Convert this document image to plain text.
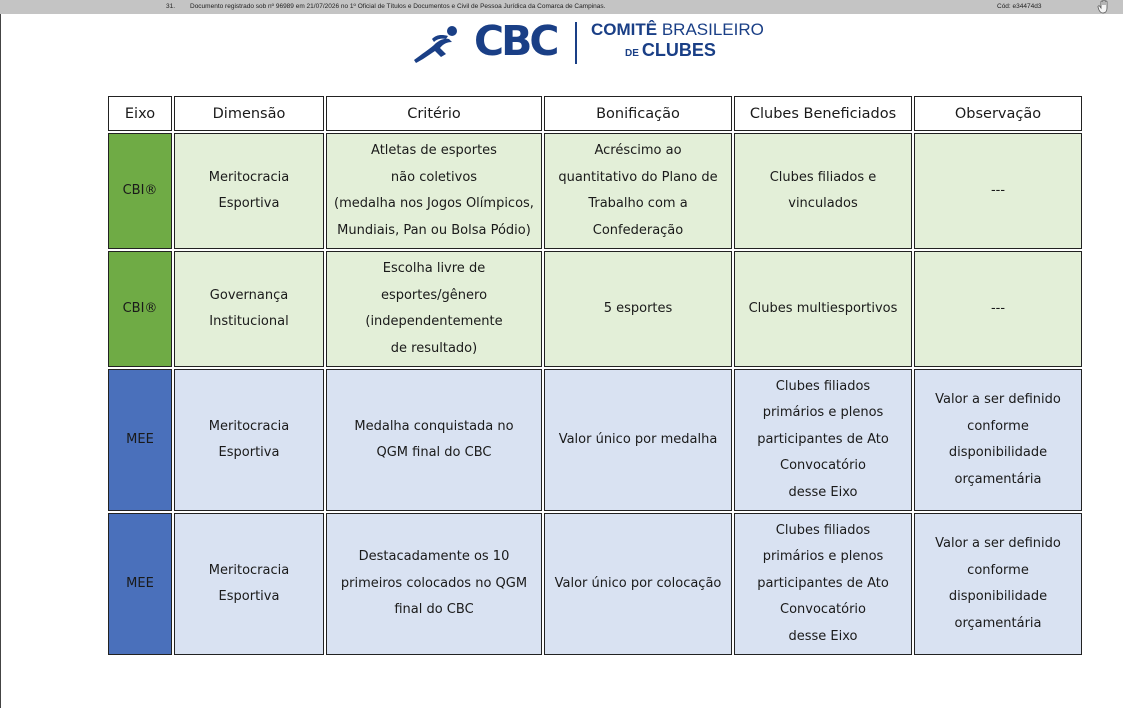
31. Documento registrado sob nº 96989 em 21/07/2026 no 1º Oficial de Títulos e Documentos e Civil de Pessoa Jurídica da Comarca de Campinas.	Cód: e34474d3
CBC	COMITÊ BRASILEIRO
DE CLUBES
Eixo	Dimensão	Critério	Bonificação	Clubes Beneficiados	Observação

CBI®	Meritocracia Esportiva	Atletas de esportes
não coletivos
(medalha nos Jogos Olímpicos,
Mundiais, Pan ou Bolsa Pódio)	Acréscimo ao
quantitativo do Plano de
Trabalho com a
Confederação	Clubes filiados e
vinculados	---

CBI®	Governança
Institucional	Escolha livre de
esportes/gênero
(independentemente
de resultado)	5 esportes	Clubes multiesportivos	---

MEE	Meritocracia Esportiva	Medalha conquistada no
QGM final do CBC	Valor único por medalha	Clubes filiados
primários e plenos
participantes de Ato
Convocatório
desse Eixo	Valor a ser definido
conforme
disponibilidade
orçamentária

MEE	Meritocracia Esportiva	Destacadamente os 10
primeiros colocados no QGM
final do CBC	Valor único por colocação	Clubes filiados
primários e plenos
participantes de Ato
Convocatório
desse Eixo	Valor a ser definido
conforme
disponibilidade
orçamentária
